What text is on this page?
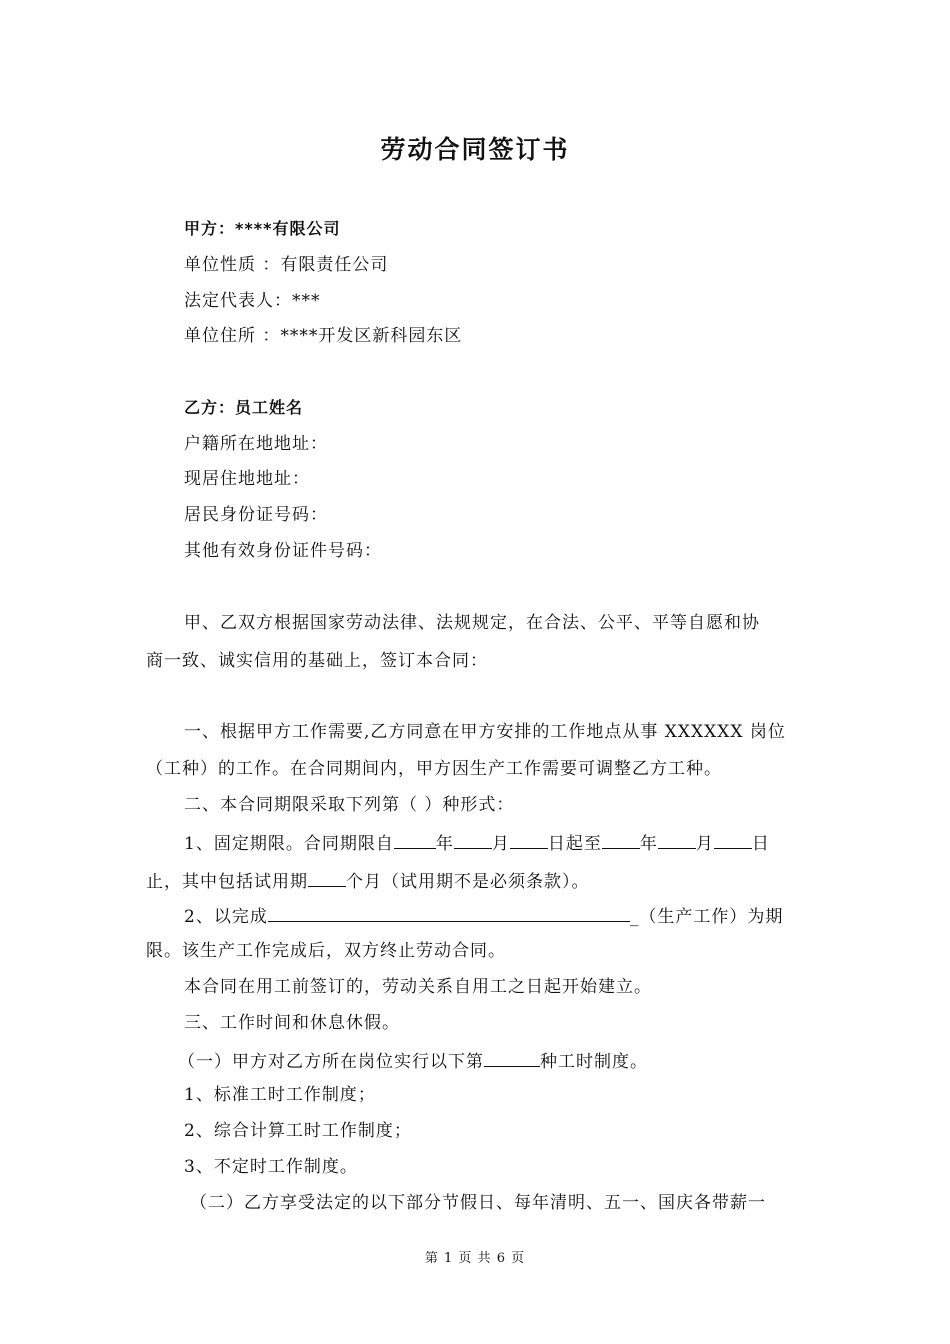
劳动合同签订书

甲方：****有限公司

单位性质 ：有限责任公司

法定代表人：***

单位住所 ：****开发区新科园东区

乙方：员工姓名

户籍所在地地址：

现居住地地址：

居民身份证号码：

其他有效身份证件号码：

甲、乙双方根据国家劳动法律、法规规定，在合法、公平、平等自愿和协

商一致、诚实信用的基础上，签订本合同：

一、根据甲方工作需要,乙方同意在甲方安排的工作地点从事 XXXXXX 岗位

（工种）的工作。在合同期间内，甲方因生产工作需要可调整乙方工种。

二、本合同期限采取下列第（ ）种形式：

1、固定期限。合同期限自 年 月 日起至 年 月 日

止，其中包括试用期 个月（试用期不是必须条款）。

2、以完成	_（生产工作）为期

限。该生产工作完成后，双方终止劳动合同。

本合同在用工前签订的，劳动关系自用工之日起开始建立。

三、工作时间和休息休假。

（一）甲方对乙方所在岗位实行以下第	种工时制度。

1、标准工时工作制度；

2、综合计算工时工作制度；

3、不定时工作制度。

（二）乙方享受法定的以下部分节假日、每年清明、五一、国庆各带薪一

第 1 页 共 6 页
